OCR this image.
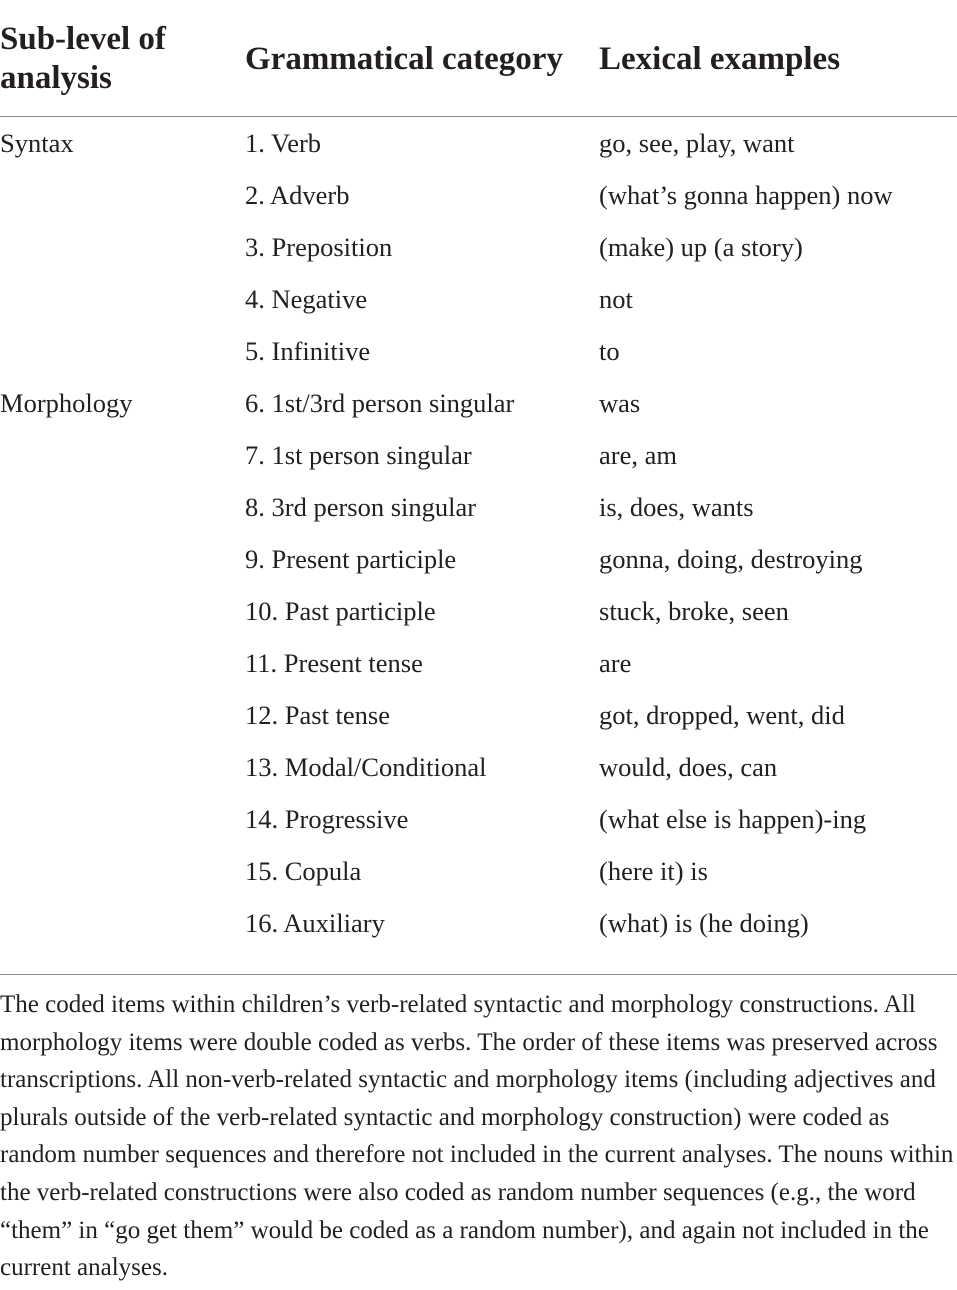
Sub-level of analysis	Grammatical category	Lexical examples
Syntax	1. Verb	go, see, play, want
	2. Adverb	(what’s gonna happen) now
	3. Preposition	(make) up (a story)
	4. Negative	not
	5. Infinitive	to
Morphology	6. 1st/3rd person singular	was
	7. 1st person singular	are, am
	8. 3rd person singular	is, does, wants
	9. Present participle	gonna, doing, destroying
	10. Past participle	stuck, broke, seen
	11. Present tense	are
	12. Past tense	got, dropped, went, did
	13. Modal/Conditional	would, does, can
	14. Progressive	(what else is happen)-ing
	15. Copula	(here it) is
	16. Auxiliary	(what) is (he doing)

The coded items within children’s verb-related syntactic and morphology constructions. All morphology items were double coded as verbs. The order of these items was preserved across transcriptions. All non-verb-related syntactic and morphology items (including adjectives and plurals outside of the verb-related syntactic and morphology construction) were coded as random number sequences and therefore not included in the current analyses. The nouns within the verb-related constructions were also coded as random number sequences (e.g., the word “them” in “go get them” would be coded as a random number), and again not included in the current analyses.
